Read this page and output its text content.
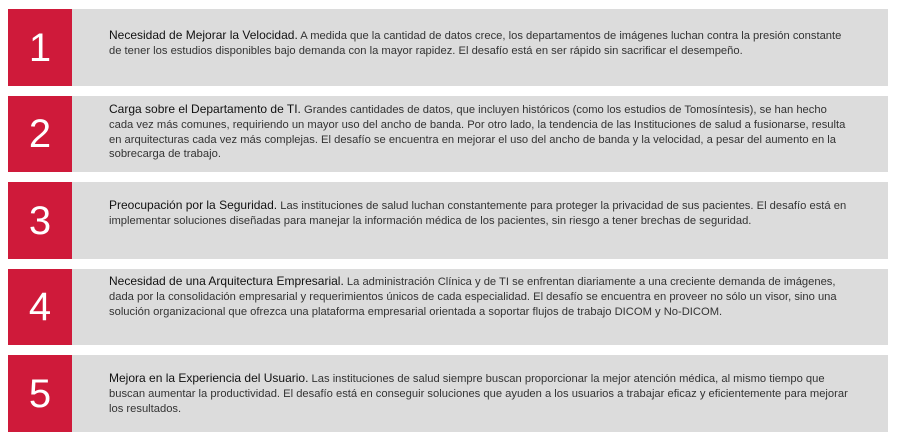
1	Necesidad de Mejorar la Velocidad. A medida que la cantidad de datos crece, los departamentos de imágenes luchan contra la presión constante de tener los estudios disponibles bajo demanda con la mayor rapidez. El desafío está en ser rápido sin sacrificar el desempeño.
2
Carga sobre el Departamento de TI. Grandes cantidades de datos, que incluyen históricos (como los estudios de Tomosíntesis), se han hecho cada vez más comunes, requiriendo un mayor uso del ancho de banda. Por otro lado, la tendencia de las Instituciones de salud a fusionarse, resulta en arquitecturas cada vez más complejas. El desafío se encuentra en mejorar el uso del ancho de banda y la velocidad, a pesar del aumento en la sobrecarga de trabajo.
3	Preocupación por la Seguridad. Las instituciones de salud luchan constantemente para proteger la privacidad de sus pacientes. El desafío está en implementar soluciones diseñadas para manejar la información médica de los pacientes, sin riesgo a tener brechas de seguridad.
4
Necesidad de una Arquitectura Empresarial. La administración Clínica y de TI se enfrentan diariamente a una creciente demanda de imágenes, dada por la consolidación empresarial y requerimientos únicos de cada especialidad. El desafío se encuentra en proveer no sólo un visor, sino una solución organizacional que ofrezca una plataforma empresarial orientada a soportar flujos de trabajo DICOM y No-DICOM.
5	Mejora en la Experiencia del Usuario. Las instituciones de salud siempre buscan proporcionar la mejor atención médica, al mismo tiempo que buscan aumentar la productividad. El desafío está en conseguir soluciones que ayuden a los usuarios a trabajar eficaz y eficientemente para mejorar los resultados.
